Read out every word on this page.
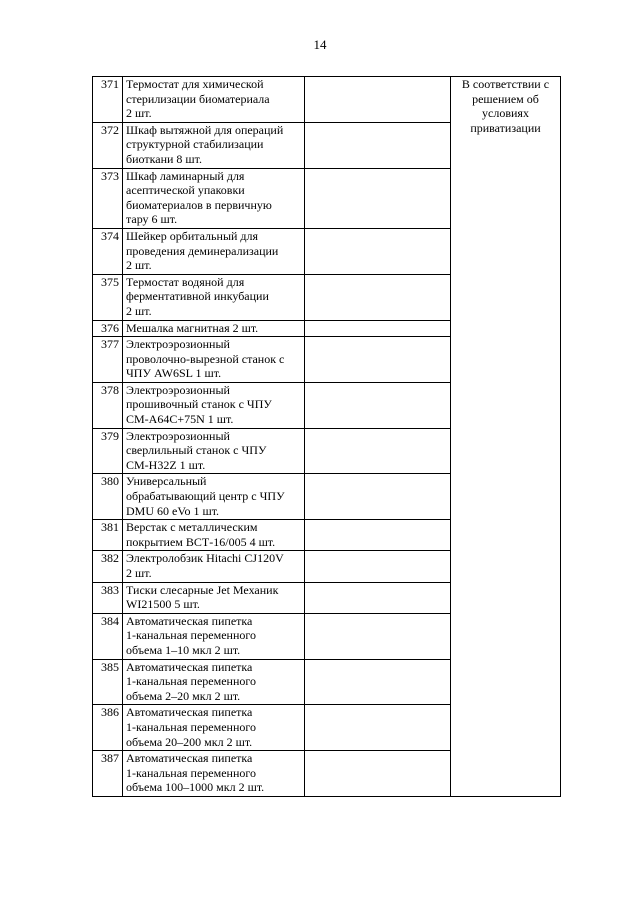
14
371	Термостат для химической
стерилизации биоматериала
2 шт.		В соответствии с
решением об
условиях
приватизации
372	Шкаф вытяжной для операций
структурной стабилизации
биоткани 8 шт.		
373	Шкаф ламинарный для
асептической упаковки
биоматериалов в первичную
тару 6 шт.		
374	Шейкер орбитальный для
проведения деминерализации
2 шт.		
375	Термостат водяной для
ферментативной инкубации
2 шт.		
376	Мешалка магнитная 2 шт.		
377	Электроэрозионный
проволочно-вырезной станок с
ЧПУ AW6SL 1 шт.		
378	Электроэрозионный
прошивочный станок с ЧПУ
CM-A64C+75N 1 шт.		
379	Электроэрозионный
сверлильный станок с ЧПУ
CM-H32Z 1 шт.		
380	Универсальный
обрабатывающий центр с ЧПУ
DMU 60 eVo 1 шт.		
381	Верстак с металлическим
покрытием ВСТ-16/005 4 шт.		
382	Электролобзик Hitachi CJ120V
2 шт.		
383	Тиски слесарные Jet Механик
WI21500 5 шт.		
384	Автоматическая пипетка
1-канальная переменного
объема 1–10 мкл 2 шт.		
385	Автоматическая пипетка
1-канальная переменного
объема 2–20 мкл 2 шт.		
386	Автоматическая пипетка
1-канальная переменного
объема 20–200 мкл 2 шт.		
387	Автоматическая пипетка
1-канальная переменного
объема 100–1000 мкл 2 шт.		
